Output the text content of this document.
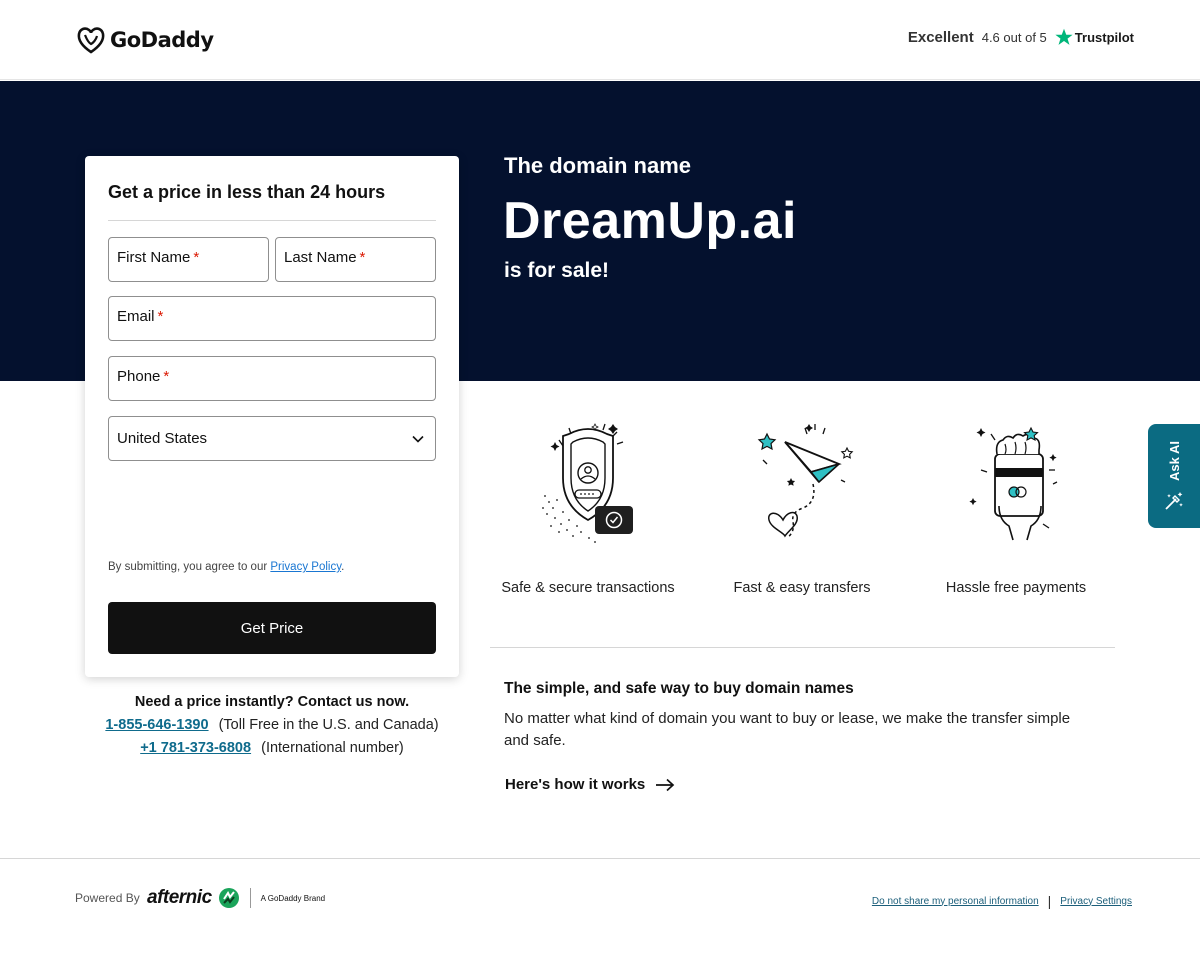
GoDaddy	Excellent 4.6 out of 5 Trustpilot
The domain name
DreamUp.ai
is for sale!
Get a price in less than 24 hours
First Name *	Last Name *
Email *
Phone *
United States
By submitting, you agree to our Privacy Policy.
Get Price
Need a price instantly? Contact us now.
1-855-646-1390 (Toll Free in the U.S. and Canada)
+1 781-373-6808 (International number)
Safe & secure transactions	Fast & easy transfers	Hassle free payments
The simple, and safe way to buy domain names
No matter what kind of domain you want to buy or lease, we make the transfer simple and safe.
Here's how it works
Ask AI
Powered By afternic	A GoDaddy Brand	Do not share my personal information | Privacy Settings
